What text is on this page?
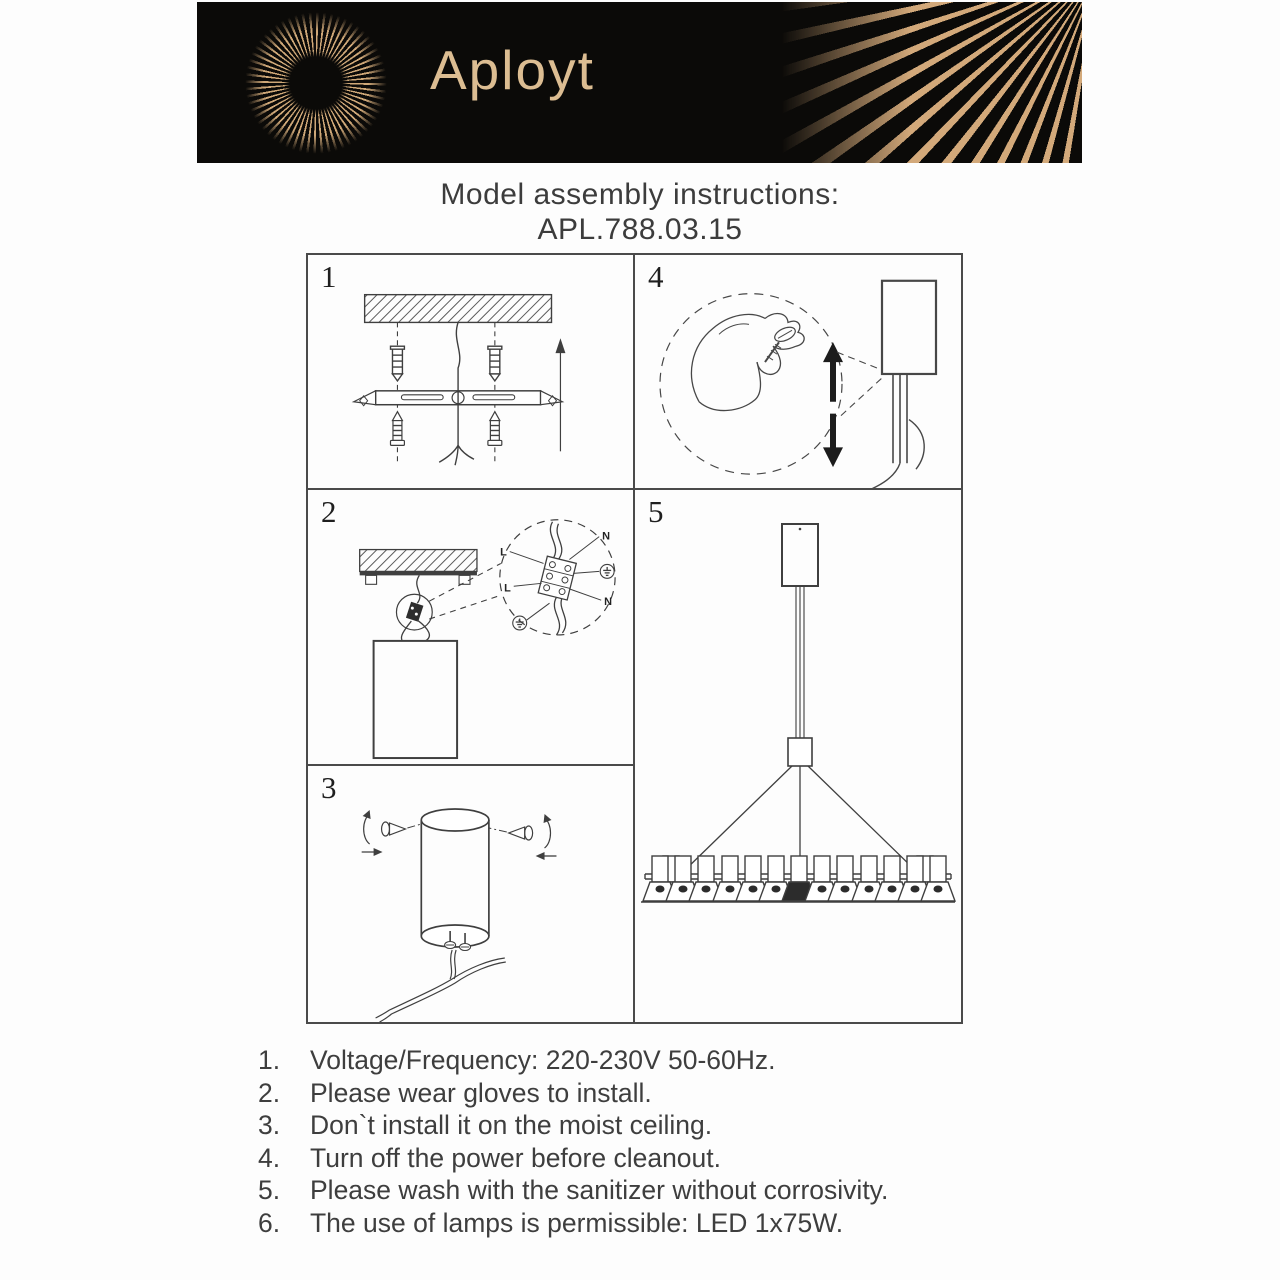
Aployt
Model assembly instructions:
APL.788.03.15
1
2
L
N
L
N
3
4
5
1.	Voltage/Frequency: 220-230V 50-60Hz.
2.	Please wear gloves to install.
3.	Don`t install it on the moist ceiling.
4.	Turn off the power before cleanout.
5.	Please wash with the sanitizer without corrosivity.
6.	The use of lamps is permissible: LED 1x75W.
